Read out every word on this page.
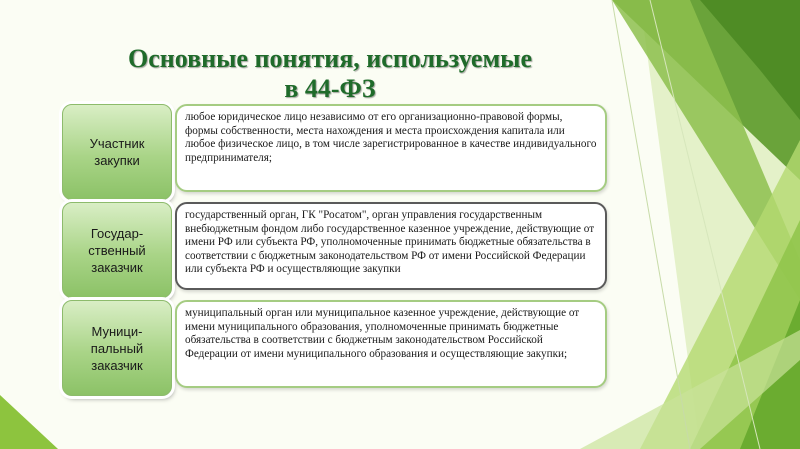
Основные понятия, используемые
в 44-ФЗ
Участник
закупки
любое юридическое лицо независимо от его организационно-правовой формы, формы собственности, места нахождения и места происхождения капитала или любое физическое лицо, в том числе зарегистрированное в качестве индивидуального предпринимателя;
Государ-
ственный
заказчик
государственный орган, ГК "Росатом", орган управления государственным внебюджетным фондом либо государственное казенное учреждение, действующие от имени РФ или субъекта РФ, уполномоченные принимать бюджетные обязательства в соответствии с бюджетным законодательством РФ от имени Российской Федерации или субъекта РФ и осуществляющие закупки
Муници-
пальный
заказчик
муниципальный орган или муниципальное казенное учреждение, действующие от имени муниципального образования, уполномоченные принимать бюджетные обязательства в соответствии с бюджетным законодательством Российской Федерации от имени муниципального образования и осуществляющие закупки;
